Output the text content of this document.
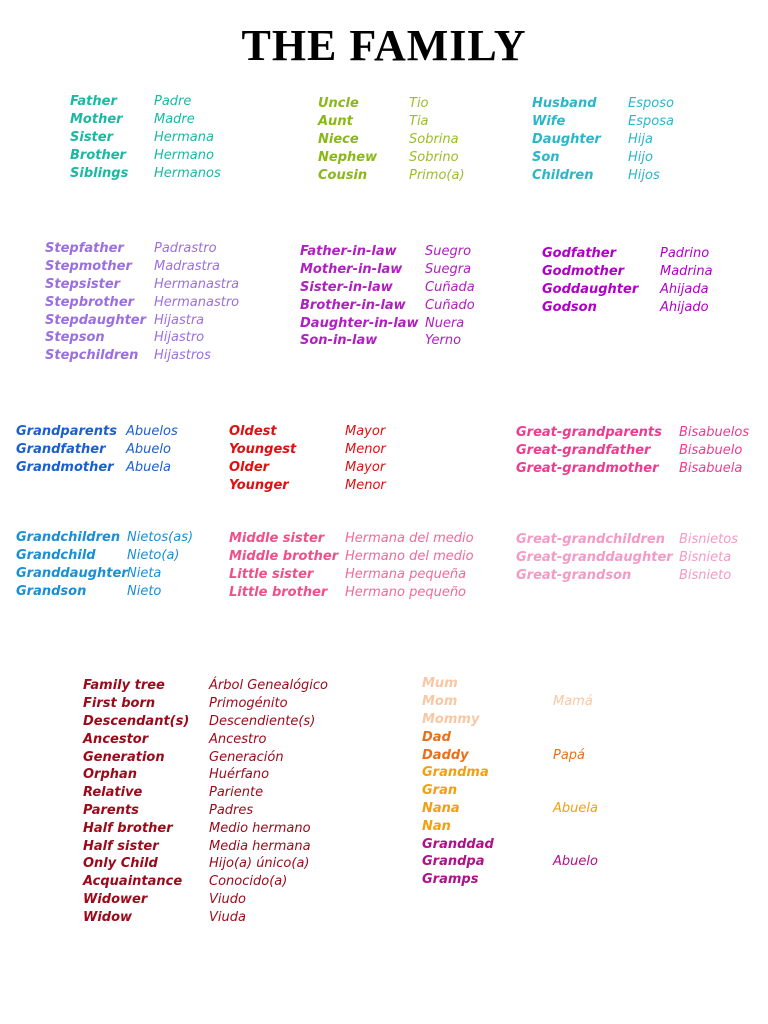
THE FAMILY
Father	Padre
Mother	Madre
Sister	Hermana
Brother	Hermano
Siblings	Hermanos
Uncle	Tio
Aunt	Tia
Niece	Sobrina
Nephew	Sobrino
Cousin	Primo(a)
Husband	Esposo
Wife	Esposa
Daughter	Hija
Son	Hijo
Children	Hijos
Stepfather	Padrastro
Stepmother	Madrastra
Stepsister	Hermanastra
Stepbrother	Hermanastro
Stepdaughter Hijastra
Stepson	Hijastro
Stepchildren	Hijastros
Father-in-law	Suegro
Mother-in-law	Suegra
Sister-in-law	Cuñada
Brother-in-law	Cuñado
Daughter-in-law Nuera
Son-in-law	Yerno
Godfather	Padrino
Godmother	Madrina
Goddaughter	Ahijada
Godson	Ahijado
Grandparents Abuelos
Grandfather	Abuelo
Grandmother Abuela
Oldest	Mayor
Youngest	Menor
Older	Mayor
Younger	Menor
Great-grandparents	Bisabuelos
Great-grandfather	Bisabuelo
Great-grandmother	Bisabuela
Grandchildren Nietos(as)
Grandchild	Nieto(a)
Granddaughter Nieta
Grandson	Nieto
Middle sister	Hermana del medio
Middle brother Hermano del medio
Little sister	Hermana pequeña
Little brother	Hermano pequeño
Great-grandchildren	Bisnietos
Great-granddaughter Bisnieta
Great-grandson	Bisnieto
Family tree	Árbol Genealógico
First born	Primogénito
Descendant(s)	Descendiente(s)
Ancestor	Ancestro
Generation	Generación
Orphan	Huérfano
Relative	Pariente
Parents	Padres
Half brother	Medio hermano
Half sister	Media hermana
Only Child	Hijo(a) único(a)
Acquaintance	Conocido(a)
Widower	Viudo
Widow	Viuda
Mum
Mom	Mamá
Mommy
Dad
Daddy	Papá
Grandma
Gran
Nana	Abuela
Nan
Granddad
Grandpa	Abuelo
Gramps
